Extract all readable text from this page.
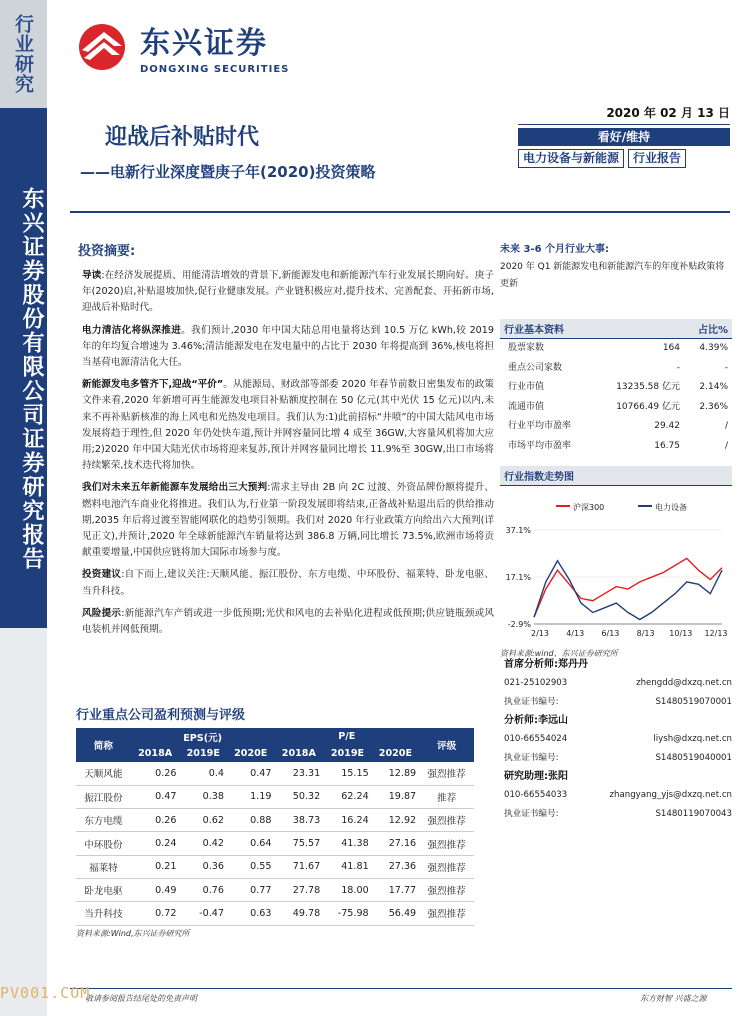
行业研究
东兴证券股份有限公司证券研究报告
东兴证券
DONGXING SECURITIES
迎战后补贴时代
——电新行业深度暨庚子年(2020)投资策略
2020 年 02 月 13 日
看好/维持
电力设备与新能源	行业报告
投资摘要:

导读:在经济发展提质、用能清洁增效的背景下,新能源发电和新能源汽车行业发展长期向好。庚子年(2020)启,补贴退坡加快,促行业健康发展。产业链积极应对,提升技术、完善配套、开拓新市场,迎战后补贴时代。

电力清洁化将纵深推进。我们预计,2030 年中国大陆总用电量将达到 10.5 万亿 kWh,较 2019 年的年均复合增速为 3.46%;清洁能源发电在发电量中的占比于 2030 年将提高到 36%,核电将担当基荷电源清洁化大任。

新能源发电多管齐下,迎战“平价”。从能源局、财政部等部委 2020 年春节前数日密集发布的政策文件来看,2020 年新增可再生能源发电项目补贴额度控制在 50 亿元(其中光伏 15 亿元)以内,未来不再补贴新核准的海上风电和光热发电项目。我们认为:1)此前招标“井喷”的中国大陆风电市场发展将趋于理性,但 2020 年仍处快车道,预计并网容量同比增 4 成至 36GW,大容量风机将加大应用;2)2020 年中国大陆光伏市场将迎来复苏,预计并网容量同比增长 11.9%至 30GW,出口市场将持续繁荣,技术迭代将加快。

我们对未来五年新能源车发展给出三大预判:需求主导由 2B 向 2C 过渡、外资品牌份额将提升、燃料电池汽车商业化将推进。我们认为,行业第一阶段发展即将结束,正备战补贴退出后的供给推动期,2035 年后将过渡至智能网联化的趋势引领期。我们对 2020 年行业政策方向给出六大预判(详见正文),并预计,2020 年全球新能源汽车销量将达到 386.8 万辆,同比增长 73.5%,欧洲市场将贡献重要增量,中国供应链将加大国际市场参与度。

投资建议:自下而上,建议关注:天顺风能、振江股份、东方电缆、中环股份、福莱特、卧龙电驱、当升科技。

风险提示:新能源汽车产销或进一步低预期;光伏和风电的去补贴化进程或低预期;供应链瓶颈或风电装机并网低预期。

未来 3-6 个月行业大事:
2020 年 Q1 新能源发电和新能源汽车的年度补贴政策将更新
行业基本资料	占比%
股票家数	164	4.39%
重点公司家数	-	-
行业市值	13235.58 亿元	2.14%
流通市值	10766.49 亿元	2.36%
行业平均市盈率	29.42	/
市场平均市盈率	16.75	/
行业指数走势图
沪深300	电力设备
37.1%
17.1%
-2.9%
2/13 4/13 6/13 8/13 10/13 12/13
资料来源:wind、东兴证券研究所
首席分析师:郑丹丹
021-25102903	zhengdd@dxzq.net.cn
执业证书编号:	S1480519070001
分析师:李远山
010-66554024	liysh@dxzq.net.cn
执业证书编号:	S1480519040001
研究助理:张阳
010-66554033	zhangyang_yjs@dxzq.net.cn
执业证书编号:	S1480119070043
行业重点公司盈利预测与评级
简称	EPS(元)			P/E			评级
	2018A	2019E	2020E	2018A	2019E	2020E	
天顺风能	0.26	0.4	0.47	23.31	15.15	12.89	强烈推荐
振江股份	0.47	0.38	1.19	50.32	62.24	19.87	推荐
东方电缆	0.26	0.62	0.88	38.73	16.24	12.92	强烈推荐
中环股份	0.24	0.42	0.64	75.57	41.38	27.16	强烈推荐
福莱特	0.21	0.36	0.55	71.67	41.81	27.36	强烈推荐
卧龙电驱	0.49	0.76	0.77	27.78	18.00	17.77	强烈推荐
当升科技	0.72	-0.47	0.63	49.78	-75.98	56.49	强烈推荐
资料来源:Wind,东兴证券研究所
敬请参阅报告结尾处的免责声明	东方财智 兴盛之源
PV001.COM
